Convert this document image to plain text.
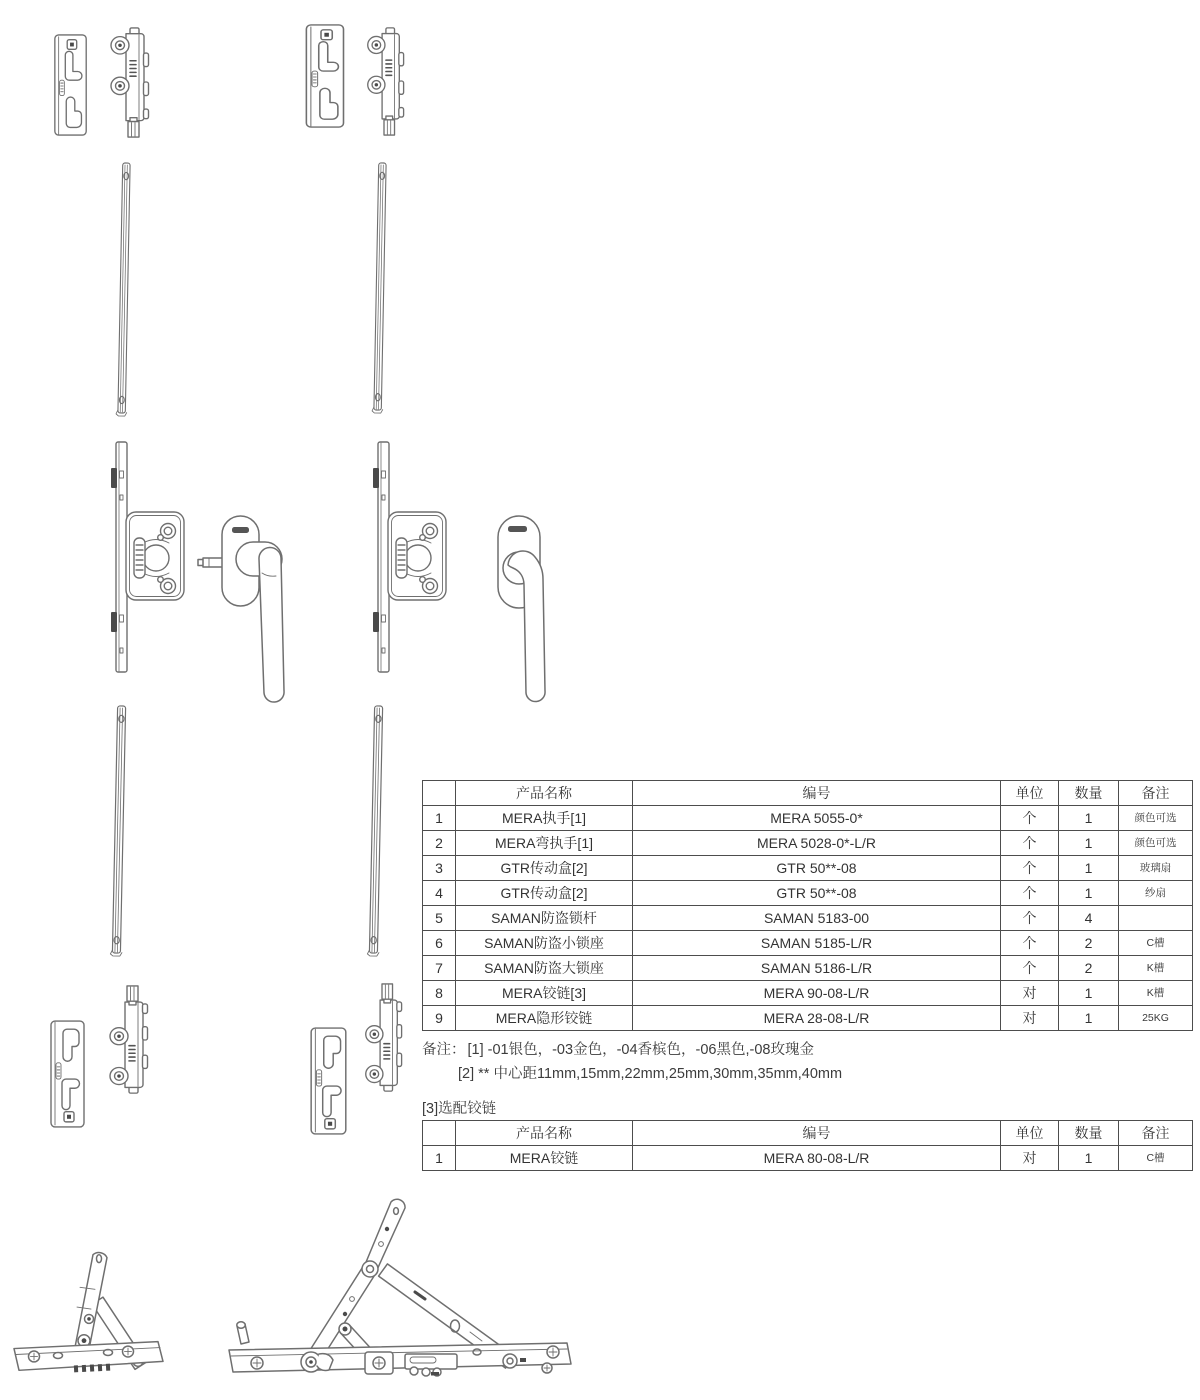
	产品名称	编号	单位	数量	备注
1	MERA执手[1]	MERA 5055-0*	个	1	颜色可选
2	MERA弯执手[1]	MERA 5028-0*-L/R	个	1	颜色可选
3	GTR传动盒[2]	GTR 50**-08	个	1	玻璃扇
4	GTR传动盒[2]	GTR 50**-08	个	1	纱扇
5	SAMAN防盗锁杆	SAMAN 5183-00	个	4	
6	SAMAN防盗小锁座	SAMAN 5185-L/R	个	2	C槽
7	SAMAN防盗大锁座	SAMAN 5186-L/R	个	2	K槽
8	MERA铰链[3]	MERA 90-08-L/R	对	1	K槽
9	MERA隐形铰链	MERA 28-08-L/R	对	1	25KG
备注： [1] -01银色，-03金色，-04香槟色，-06黑色,-08玫瑰金
[2] ** 中心距11mm,15mm,22mm,25mm,30mm,35mm,40mm
[3]选配铰链
	产品名称	编号	单位	数量	备注
1	MERA铰链	MERA 80-08-L/R	对	1	C槽
